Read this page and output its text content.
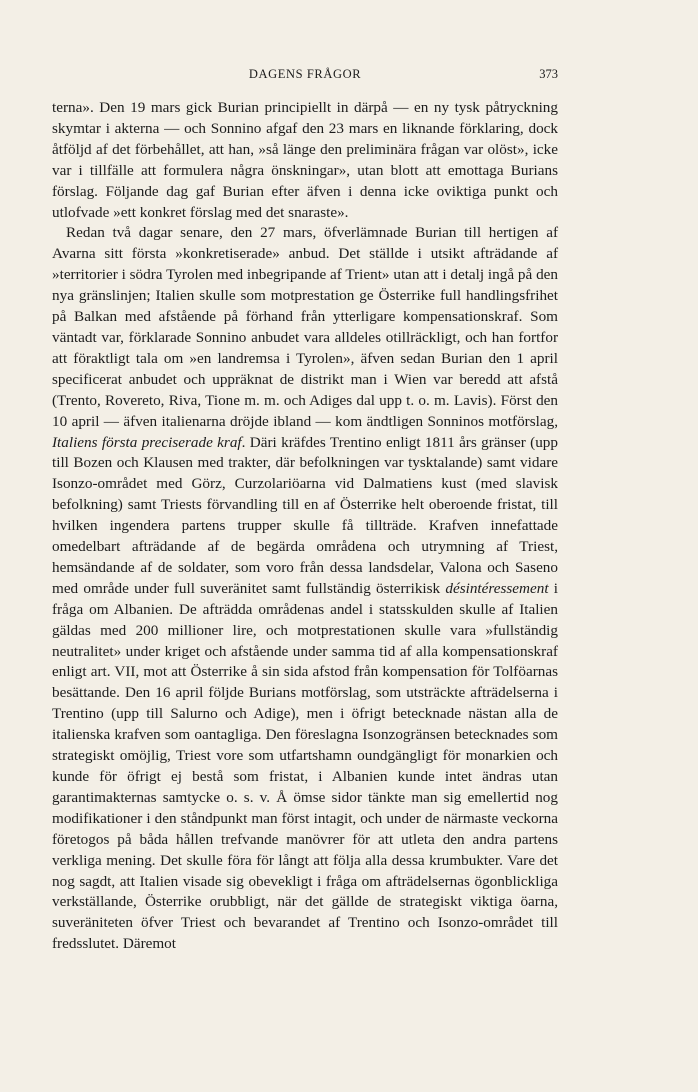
DAGENS FRÅGOR	373

terna». Den 19 mars gick Burian principiellt in därpå — en ny tysk påtryckning skymtar i akterna — och Sonnino afgaf den 23 mars en liknande förklaring, dock åtföljd af det förbehållet, att han, »så länge den preliminära frågan var olöst», icke var i tillfälle att formulera några önskningar», utan blott att emottaga Burians förslag. Följande dag gaf Burian efter äfven i denna icke oviktiga punkt och utlofvade »ett konkret förslag med det snaraste».

Redan två dagar senare, den 27 mars, öfverlämnade Burian till hertigen af Avarna sitt första »konkretiserade» anbud. Det ställde i utsikt afträdande af »territorier i södra Tyrolen med inbegripande af Trient» utan att i detalj ingå på den nya gränslinjen; Italien skulle som motprestation ge Österrike full handlingsfrihet på Balkan med afstående på förhand från ytterligare kompensationskraf. Som väntadt var, förklarade Sonnino anbudet vara alldeles otillräckligt, och han fortfor att föraktligt tala om »en landremsa i Tyrolen», äfven sedan Burian den 1 april specificerat anbudet och uppräknat de distrikt man i Wien var beredd att afstå (Trento, Rovereto, Riva, Tione m. m. och Adiges dal upp t. o. m. Lavis). Först den 10 april — äfven italienarna dröjde ibland — kom ändtligen Sonninos motförslag, Italiens första preciserade kraf. Däri kräfdes Trentino enligt 1811 års gränser (upp till Bozen och Klausen med trakter, där befolkningen var tysktalande) samt vidare Isonzo-området med Görz, Curzolariöarna vid Dalmatiens kust (med slavisk befolkning) samt Triests förvandling till en af Österrike helt oberoende fristat, till hvilken ingendera partens trupper skulle få tillträde. Krafven innefattade omedelbart afträdande af de begärda områdena och utrymning af Triest, hemsändande af de soldater, som voro från dessa landsdelar, Valona och Saseno med område under full suveränitet samt fullständig österrikisk désintéressement i fråga om Albanien. De afträdda områdenas andel i statsskulden skulle af Italien gäldas med 200 millioner lire, och motprestationen skulle vara »fullständig neutralitet» under kriget och afstående under samma tid af alla kompensationskraf enligt art. VII, mot att Österrike å sin sida afstod från kompensation för Tolföarnas besättande. Den 16 april följde Burians motförslag, som utsträckte afträdelserna i Trentino (upp till Salurno och Adige), men i öfrigt betecknade nästan alla de italienska krafven som oantagliga. Den föreslagna Isonzogränsen betecknades som strategiskt omöjlig, Triest vore som utfartshamn oundgängligt för monarkien och kunde för öfrigt ej bestå som fristat, i Albanien kunde intet ändras utan garantimakternas samtycke o. s. v. Å ömse sidor tänkte man sig emellertid nog modifikationer i den ståndpunkt man först intagit, och under de närmaste veckorna företogos på båda hållen trefvande manövrer för att utleta den andra partens verkliga mening. Det skulle föra för långt att följa alla dessa krumbukter. Vare det nog sagdt, att Italien visade sig obevekligt i fråga om afträdelsernas ögonblickliga verkställande, Österrike orubbligt, när det gällde de strategiskt viktiga öarna, suveräniteten öfver Triest och bevarandet af Trentino och Isonzo-området till fredsslutet. Däremot
